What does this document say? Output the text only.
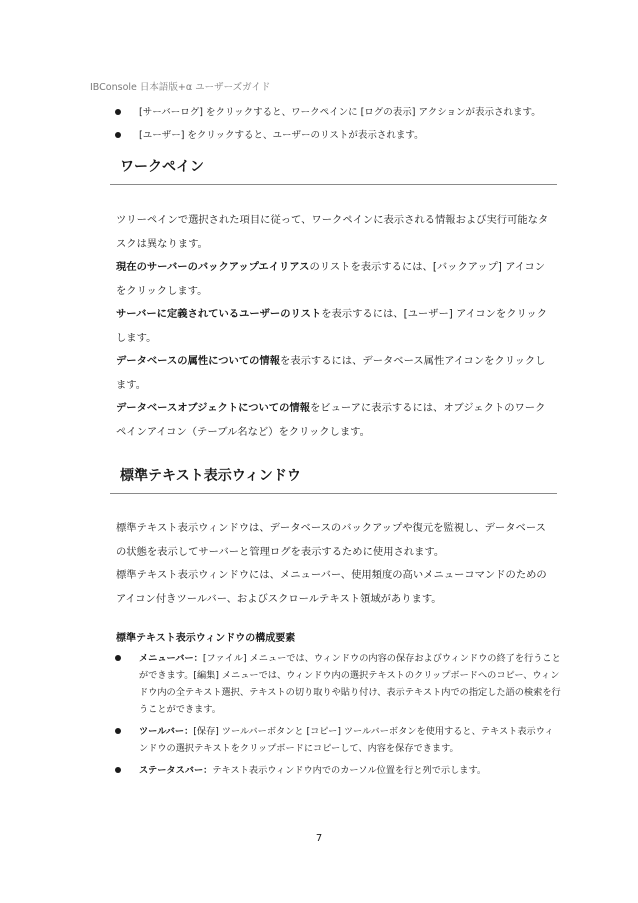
IBConsole 日本語版+α ユーザーズガイド
[サーバーログ] をクリックすると、ワークペインに [ログの表示] アクションが表示されます。
[ユーザー] をクリックすると、ユーザーのリストが表示されます。
ワークペイン

ツリーペインで選択された項目に従って、ワークペインに表示される情報および実行可能なタスクは異なります。

現在のサーバーのバックアップエイリアスのリストを表示するには、[バックアップ] アイコンをクリックします。

サーバーに定義されているユーザーのリストを表示するには、[ユーザー] アイコンをクリックします。

データベースの属性についての情報を表示するには、データベース属性アイコンをクリックします。

データベースオブジェクトについての情報をビューアに表示するには、オブジェクトのワークペインアイコン（テーブル名など）をクリックします。

標準テキスト表示ウィンドウ

標準テキスト表示ウィンドウは、データベースのバックアップや復元を監視し、データベースの状態を表示してサーバーと管理ログを表示するために使用されます。

標準テキスト表示ウィンドウには、メニューバー、使用頻度の高いメニューコマンドのためのアイコン付きツールバー、およびスクロールテキスト領域があります。

標準テキスト表示ウィンドウの構成要素
メニューバー：[ファイル] メニューでは、ウィンドウの内容の保存およびウィンドウの終了を行うことができます。[編集] メニューでは、ウィンドウ内の選択テキストのクリップボードへのコピー、ウィンドウ内の全テキスト選択、テキストの切り取りや貼り付け、表示テキスト内での指定した語の検索を行うことができます。
ツールバー：[保存] ツールバーボタンと [コピー] ツールバーボタンを使用すると、テキスト表示ウィンドウの選択テキストをクリップボードにコピーして、内容を保存できます。
ステータスバー：テキスト表示ウィンドウ内でのカーソル位置を行と列で示します。
7
